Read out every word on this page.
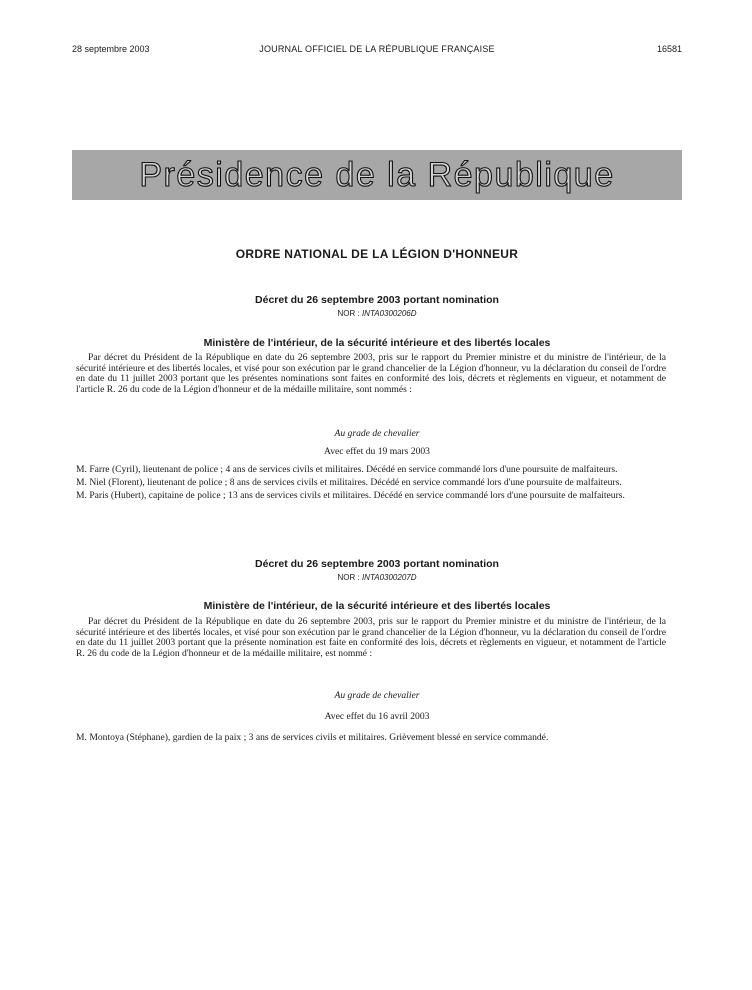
28 septembre 2003	JOURNAL OFFICIEL DE LA RÉPUBLIQUE FRANÇAISE	16581
Présidence de la République
ORDRE NATIONAL DE LA LÉGION D'HONNEUR
Décret du 26 septembre 2003 portant nomination
NOR : INTA0300206D
Ministère de l'intérieur, de la sécurité intérieure et des libertés locales

Par décret du Président de la République en date du 26 septembre 2003, pris sur le rapport du Premier ministre et du ministre de l'intérieur, de la sécurité intérieure et des libertés locales, et visé pour son exécution par le grand chancelier de la Légion d'honneur, vu la déclaration du conseil de l'ordre en date du 11 juillet 2003 portant que les présentes nominations sont faites en conformité des lois, décrets et règlements en vigueur, et notamment de l'article R. 26 du code de la Légion d'honneur et de la médaille militaire, sont nommés :

Au grade de chevalier
Avec effet du 19 mars 2003
M. Farre (Cyril), lieutenant de police ; 4 ans de services civils et militaires. Décédé en service commandé lors d'une poursuite de malfaiteurs.
M. Niel (Florent), lieutenant de police ; 8 ans de services civils et militaires. Décédé en service commandé lors d'une poursuite de malfaiteurs.
M. Paris (Hubert), capitaine de police ; 13 ans de services civils et militaires. Décédé en service commandé lors d'une poursuite de malfaiteurs.
Décret du 26 septembre 2003 portant nomination
NOR : INTA0300207D
Ministère de l'intérieur, de la sécurité intérieure et des libertés locales

Par décret du Président de la République en date du 26 septembre 2003, pris sur le rapport du Premier ministre et du ministre de l'intérieur, de la sécurité intérieure et des libertés locales, et visé pour son exécution par le grand chancelier de la Légion d'honneur, vu la déclaration du conseil de l'ordre en date du 11 juillet 2003 portant que la présente nomination est faite en conformité des lois, décrets et règlements en vigueur, et notamment de l'article R. 26 du code de la Légion d'honneur et de la médaille militaire, est nommé :

Au grade de chevalier
Avec effet du 16 avril 2003
M. Montoya (Stéphane), gardien de la paix ; 3 ans de services civils et militaires. Grièvement blessé en service commandé.
